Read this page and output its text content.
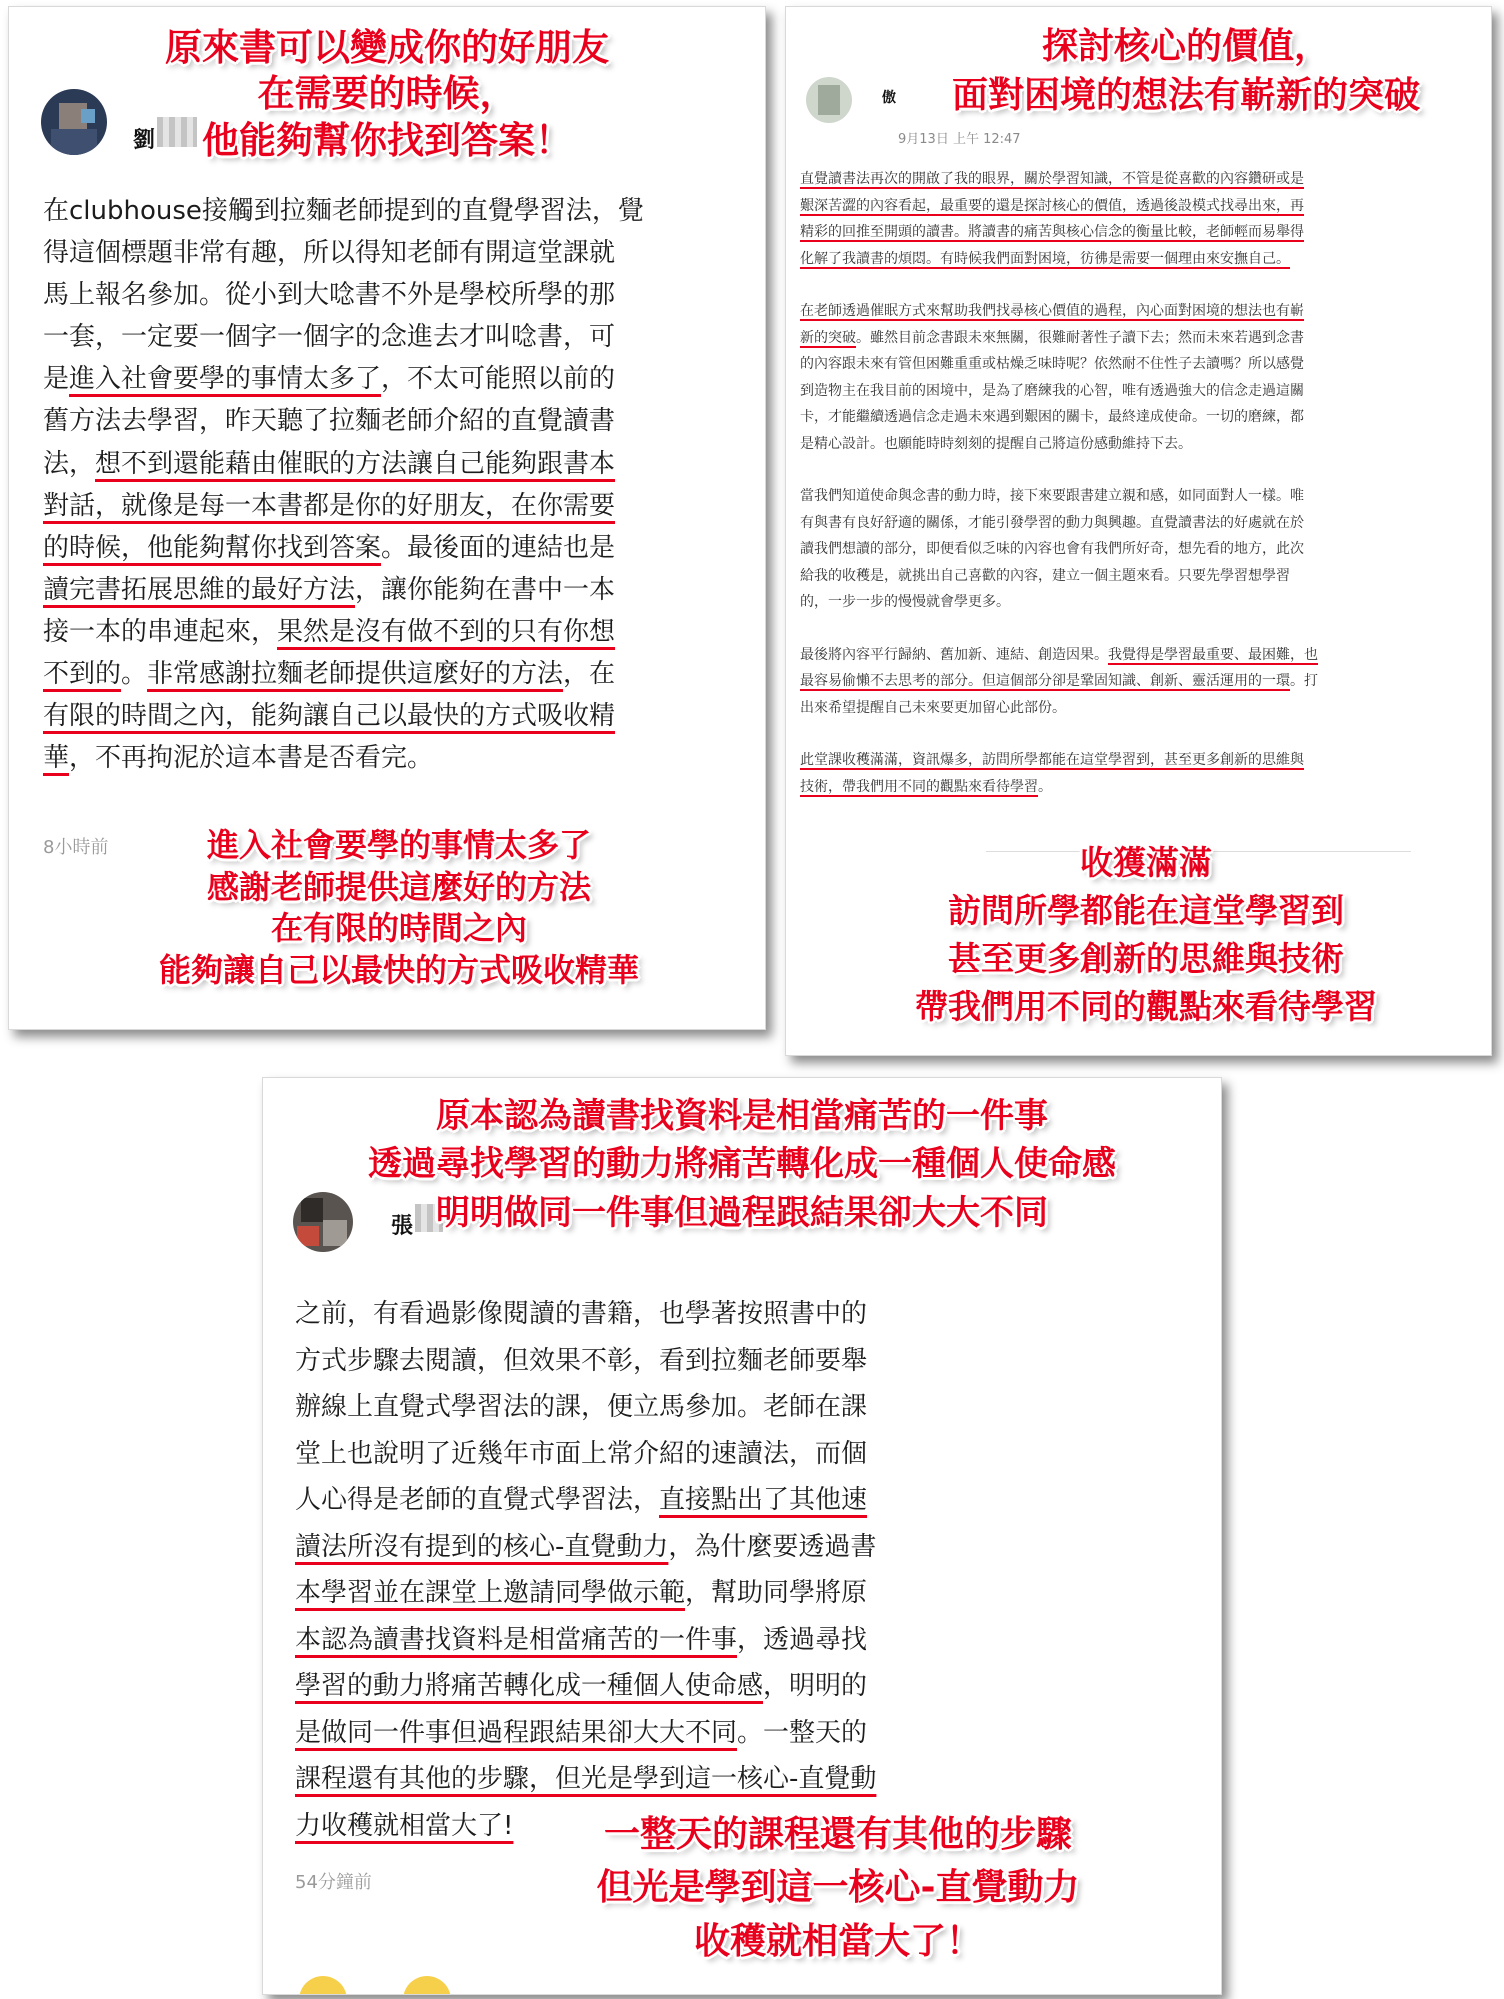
原來書可以變成你的好朋友
在需要的時候，
他能夠幫你找到答案！
劉

在clubhouse接觸到拉麵老師提到的直覺學習法，覺

得這個標題非常有趣，所以得知老師有開這堂課就

馬上報名參加。從小到大唸書不外是學校所學的那

一套，一定要一個字一個字的念進去才叫唸書，可

是進入社會要學的事情太多了，不太可能照以前的

舊方法去學習，昨天聽了拉麵老師介紹的直覺讀書

法，想不到還能藉由催眠的方法讓自己能夠跟書本

對話，就像是每一本書都是你的好朋友，在你需要

的時候，他能夠幫你找到答案。最後面的連結也是

讀完書拓展思維的最好方法，讓你能夠在書中一本

接一本的串連起來，果然是沒有做不到的只有你想

不到的。非常感謝拉麵老師提供這麼好的方法，在

有限的時間之內，能夠讓自己以最快的方式吸收精

華，不再拘泥於這本書是否看完。

8小時前	進入社會要學的事情太多了
感謝老師提供這麼好的方法
在有限的時間之內
能夠讓自己以最快的方式吸收精華
傲
9月13日 上午 12:47
探討核心的價值，
面對困境的想法有嶄新的突破

直覺讀書法再次的開啟了我的眼界，關於學習知識，不管是從喜歡的內容鑽研或是
艱深苦澀的內容看起，最重要的還是探討核心的價值，透過後設模式找尋出來，再
精彩的回推至開頭的讀書。將讀書的痛苦與核心信念的衡量比較，老師輕而易舉得
化解了我讀書的煩悶。有時候我們面對困境，彷彿是需要一個理由來安撫自己。

在老師透過催眠方式來幫助我們找尋核心價值的過程，內心面對困境的想法也有嶄
新的突破。雖然目前念書跟未來無關，很難耐著性子讀下去；然而未來若遇到念書
的內容跟未來有管但困難重重或枯燥乏味時呢？依然耐不住性子去讀嗎？所以感覺
到造物主在我目前的困境中，是為了磨練我的心智，唯有透過強大的信念走過這關
卡，才能繼續透過信念走過未來遇到艱困的關卡，最終達成使命。一切的磨練，都
是精心設計。也願能時時刻刻的提醒自己將這份感動維持下去。

當我們知道使命與念書的動力時，接下來要跟書建立親和感，如同面對人一樣。唯
有與書有良好舒適的關係，才能引發學習的動力與興趣。直覺讀書法的好處就在於
讀我們想讀的部分，即便看似乏味的內容也會有我們所好奇，想先看的地方，此次
給我的收穫是，就挑出自己喜歡的內容，建立一個主題來看。只要先學習想學習
的，一步一步的慢慢就會學更多。

最後將內容平行歸納、舊加新、連結、創造因果。我覺得是學習最重要、最困難，也
最容易偷懶不去思考的部分。但這個部分卻是鞏固知識、創新、靈活運用的一環。打
出來希望提醒自己未來要更加留心此部份。

此堂課收穫滿滿，資訊爆多，訪問所學都能在這堂學習到，甚至更多創新的思維與
技術，帶我們用不同的觀點來看待學習。

收獲滿滿
訪問所學都能在這堂學習到
甚至更多創新的思維與技術
帶我們用不同的觀點來看待學習
張
原本認為讀書找資料是相當痛苦的一件事
透過尋找學習的動力將痛苦轉化成一種個人使命感
明明做同一件事但過程跟結果卻大大不同

之前，有看過影像閱讀的書籍，也學著按照書中的

方式步驟去閱讀，但效果不彰，看到拉麵老師要舉

辦線上直覺式學習法的課，便立馬參加。老師在課

堂上也說明了近幾年市面上常介紹的速讀法，而個

人心得是老師的直覺式學習法，直接點出了其他速

讀法所沒有提到的核心-直覺動力，為什麼要透過書

本學習並在課堂上邀請同學做示範，幫助同學將原

本認為讀書找資料是相當痛苦的一件事，透過尋找

學習的動力將痛苦轉化成一種個人使命感，明明的

是做同一件事但過程跟結果卻大大不同。一整天的

課程還有其他的步驟，但光是學到這一核心-直覺動

力收穫就相當大了!

54分鐘前
一整天的課程還有其他的步驟
但光是學到這一核心-直覺動力
收穫就相當大了！
